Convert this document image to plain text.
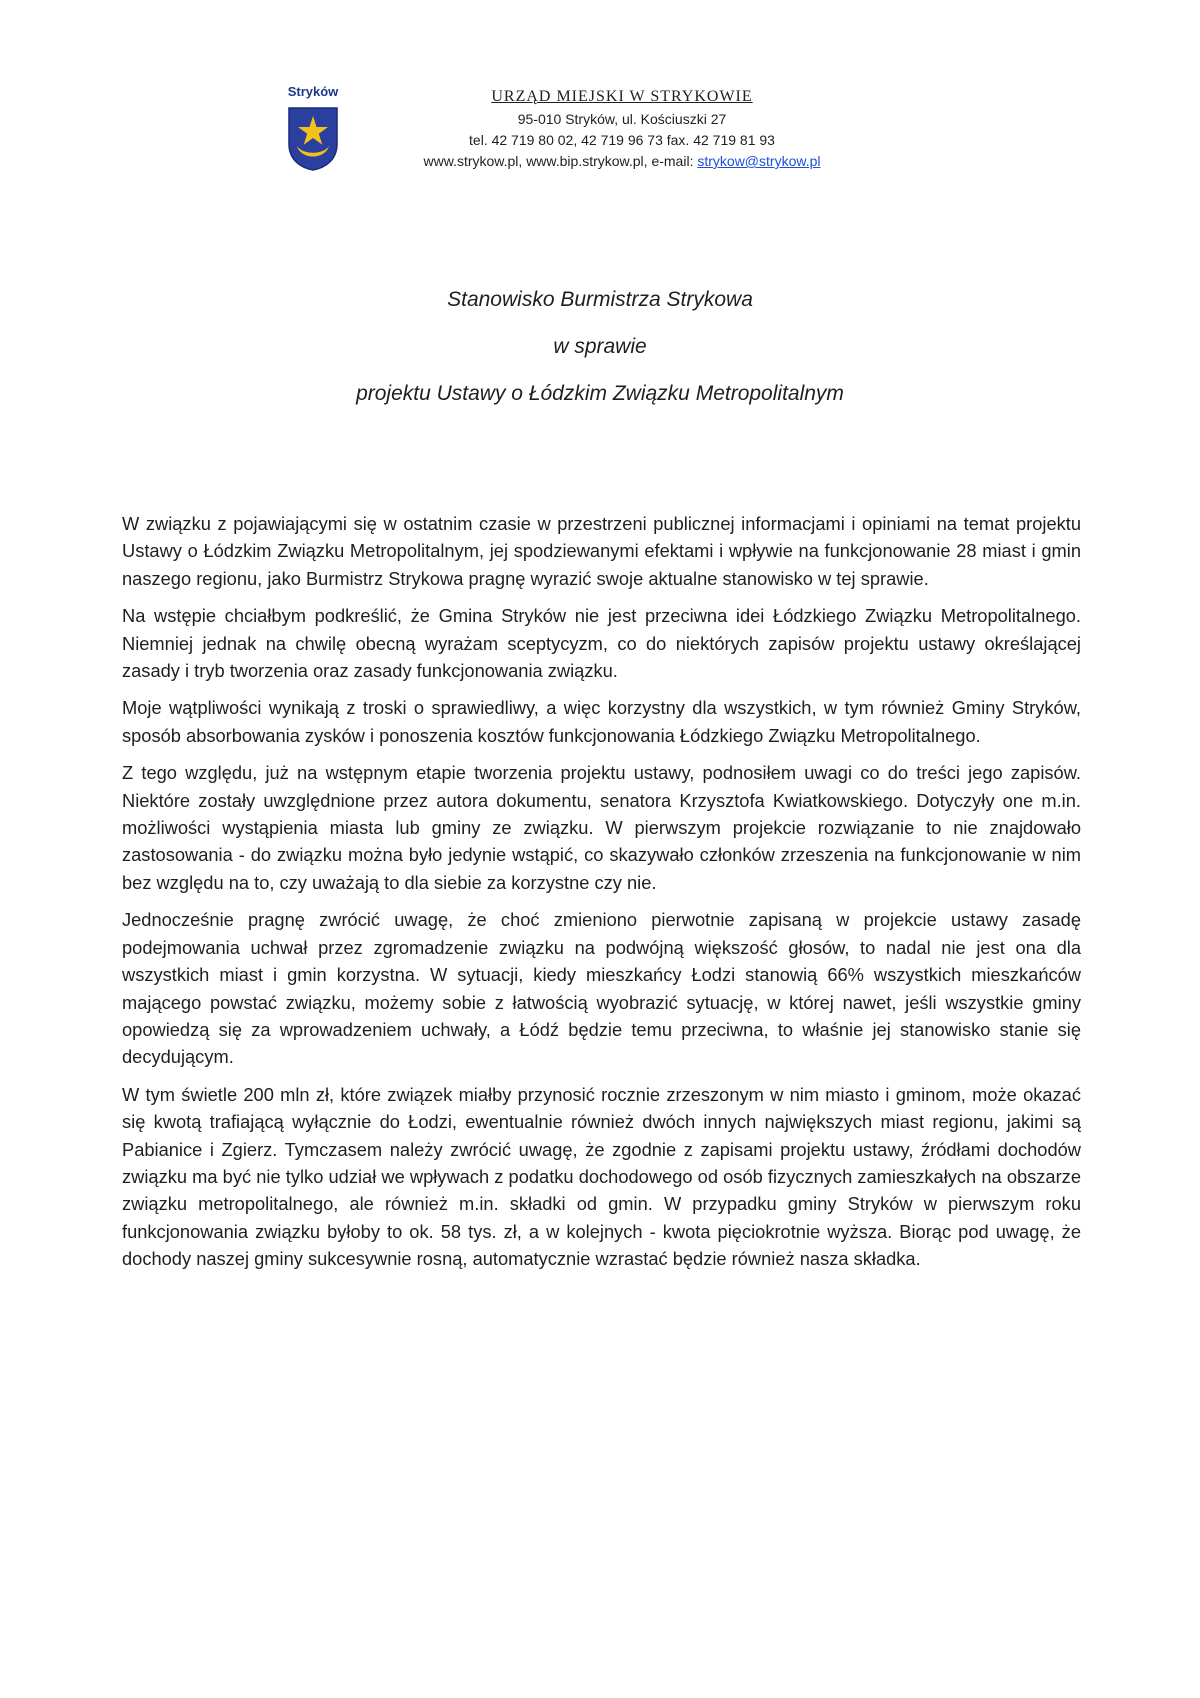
Stryków	URZĄD MIEJSKI W STRYKOWIE

95-010 Stryków, ul. Kościuszki 27

tel. 42 719 80 02, 42 719 96 73 fax. 42 719 81 93

www.strykow.pl, www.bip.strykow.pl, e-mail: strykow@strykow.pl

Stanowisko Burmistrza Strykowa

w sprawie

projektu Ustawy o Łódzkim Związku Metropolitalnym

W związku z pojawiającymi się w ostatnim czasie w przestrzeni publicznej informacjami i opiniami na temat projektu Ustawy o Łódzkim Związku Metropolitalnym, jej spodziewanymi efektami i wpływie na funkcjonowanie 28 miast i gmin naszego regionu, jako Burmistrz Strykowa pragnę wyrazić swoje aktualne stanowisko w tej sprawie.

Na wstępie chciałbym podkreślić, że Gmina Stryków nie jest przeciwna idei Łódzkiego Związku Metropolitalnego. Niemniej jednak na chwilę obecną wyrażam sceptycyzm, co do niektórych zapisów projektu ustawy określającej zasady i tryb tworzenia oraz zasady funkcjonowania związku.

Moje wątpliwości wynikają z troski o sprawiedliwy, a więc korzystny dla wszystkich, w tym również Gminy Stryków, sposób absorbowania zysków i ponoszenia kosztów funkcjonowania Łódzkiego Związku Metropolitalnego.

Z tego względu, już na wstępnym etapie tworzenia projektu ustawy, podnosiłem uwagi co do treści jego zapisów. Niektóre zostały uwzględnione przez autora dokumentu, senatora Krzysztofa Kwiatkowskiego. Dotyczyły one m.in. możliwości wystąpienia miasta lub gminy ze związku. W pierwszym projekcie rozwiązanie to nie znajdowało zastosowania - do związku można było jedynie wstąpić, co skazywało członków zrzeszenia na funkcjonowanie w nim bez względu na to, czy uważają to dla siebie za korzystne czy nie.

Jednocześnie pragnę zwrócić uwagę, że choć zmieniono pierwotnie zapisaną w projekcie ustawy zasadę podejmowania uchwał przez zgromadzenie związku na podwójną większość głosów, to nadal nie jest ona dla wszystkich miast i gmin korzystna. W sytuacji, kiedy mieszkańcy Łodzi stanowią 66% wszystkich mieszkańców mającego powstać związku, możemy sobie z łatwością wyobrazić sytuację, w której nawet, jeśli wszystkie gminy opowiedzą się za wprowadzeniem uchwały, a Łódź będzie temu przeciwna, to właśnie jej stanowisko stanie się decydującym.

W tym świetle 200 mln zł, które związek miałby przynosić rocznie zrzeszonym w nim miasto i gminom, może okazać się kwotą trafiającą wyłącznie do Łodzi, ewentualnie również dwóch innych największych miast regionu, jakimi są Pabianice i Zgierz. Tymczasem należy zwrócić uwagę, że zgodnie z zapisami projektu ustawy, źródłami dochodów związku ma być nie tylko udział we wpływach z podatku dochodowego od osób fizycznych zamieszkałych na obszarze związku metropolitalnego, ale również m.in. składki od gmin. W przypadku gminy Stryków w pierwszym roku funkcjonowania związku byłoby to ok. 58 tys. zł, a w kolejnych - kwota pięciokrotnie wyższa. Biorąc pod uwagę, że dochody naszej gminy sukcesywnie rosną, automatycznie wzrastać będzie również nasza składka.
